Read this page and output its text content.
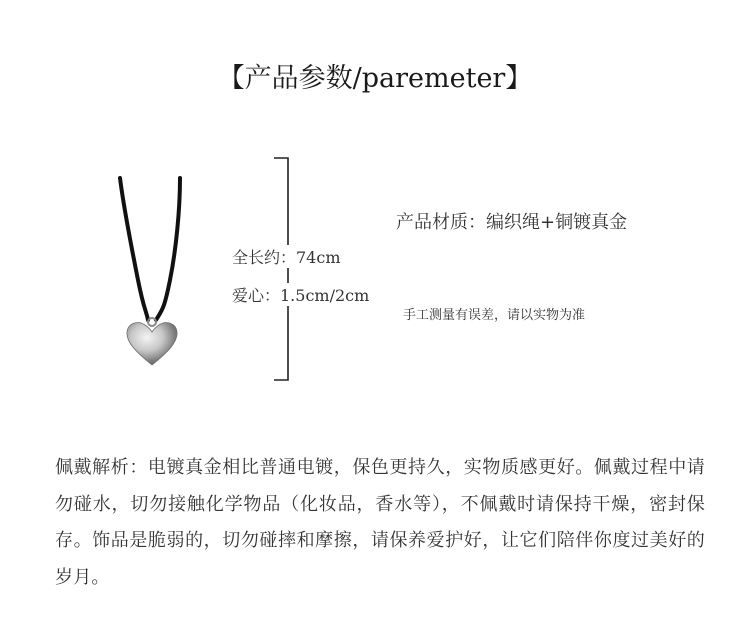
【产品参数/paremeter】
全长约：74cm
爱心：1.5cm/2cm
产品材质：编织绳+铜镀真金
手工测量有误差，请以实物为准
佩戴解析：电镀真金相比普通电镀，保色更持久，实物质感更好。佩戴过程中请勿碰水，切勿接触化学物品（化妆品，香水等），不佩戴时请保持干燥，密封保存。饰品是脆弱的，切勿碰摔和摩擦，请保养爱护好，让它们陪伴你度过美好的岁月。
